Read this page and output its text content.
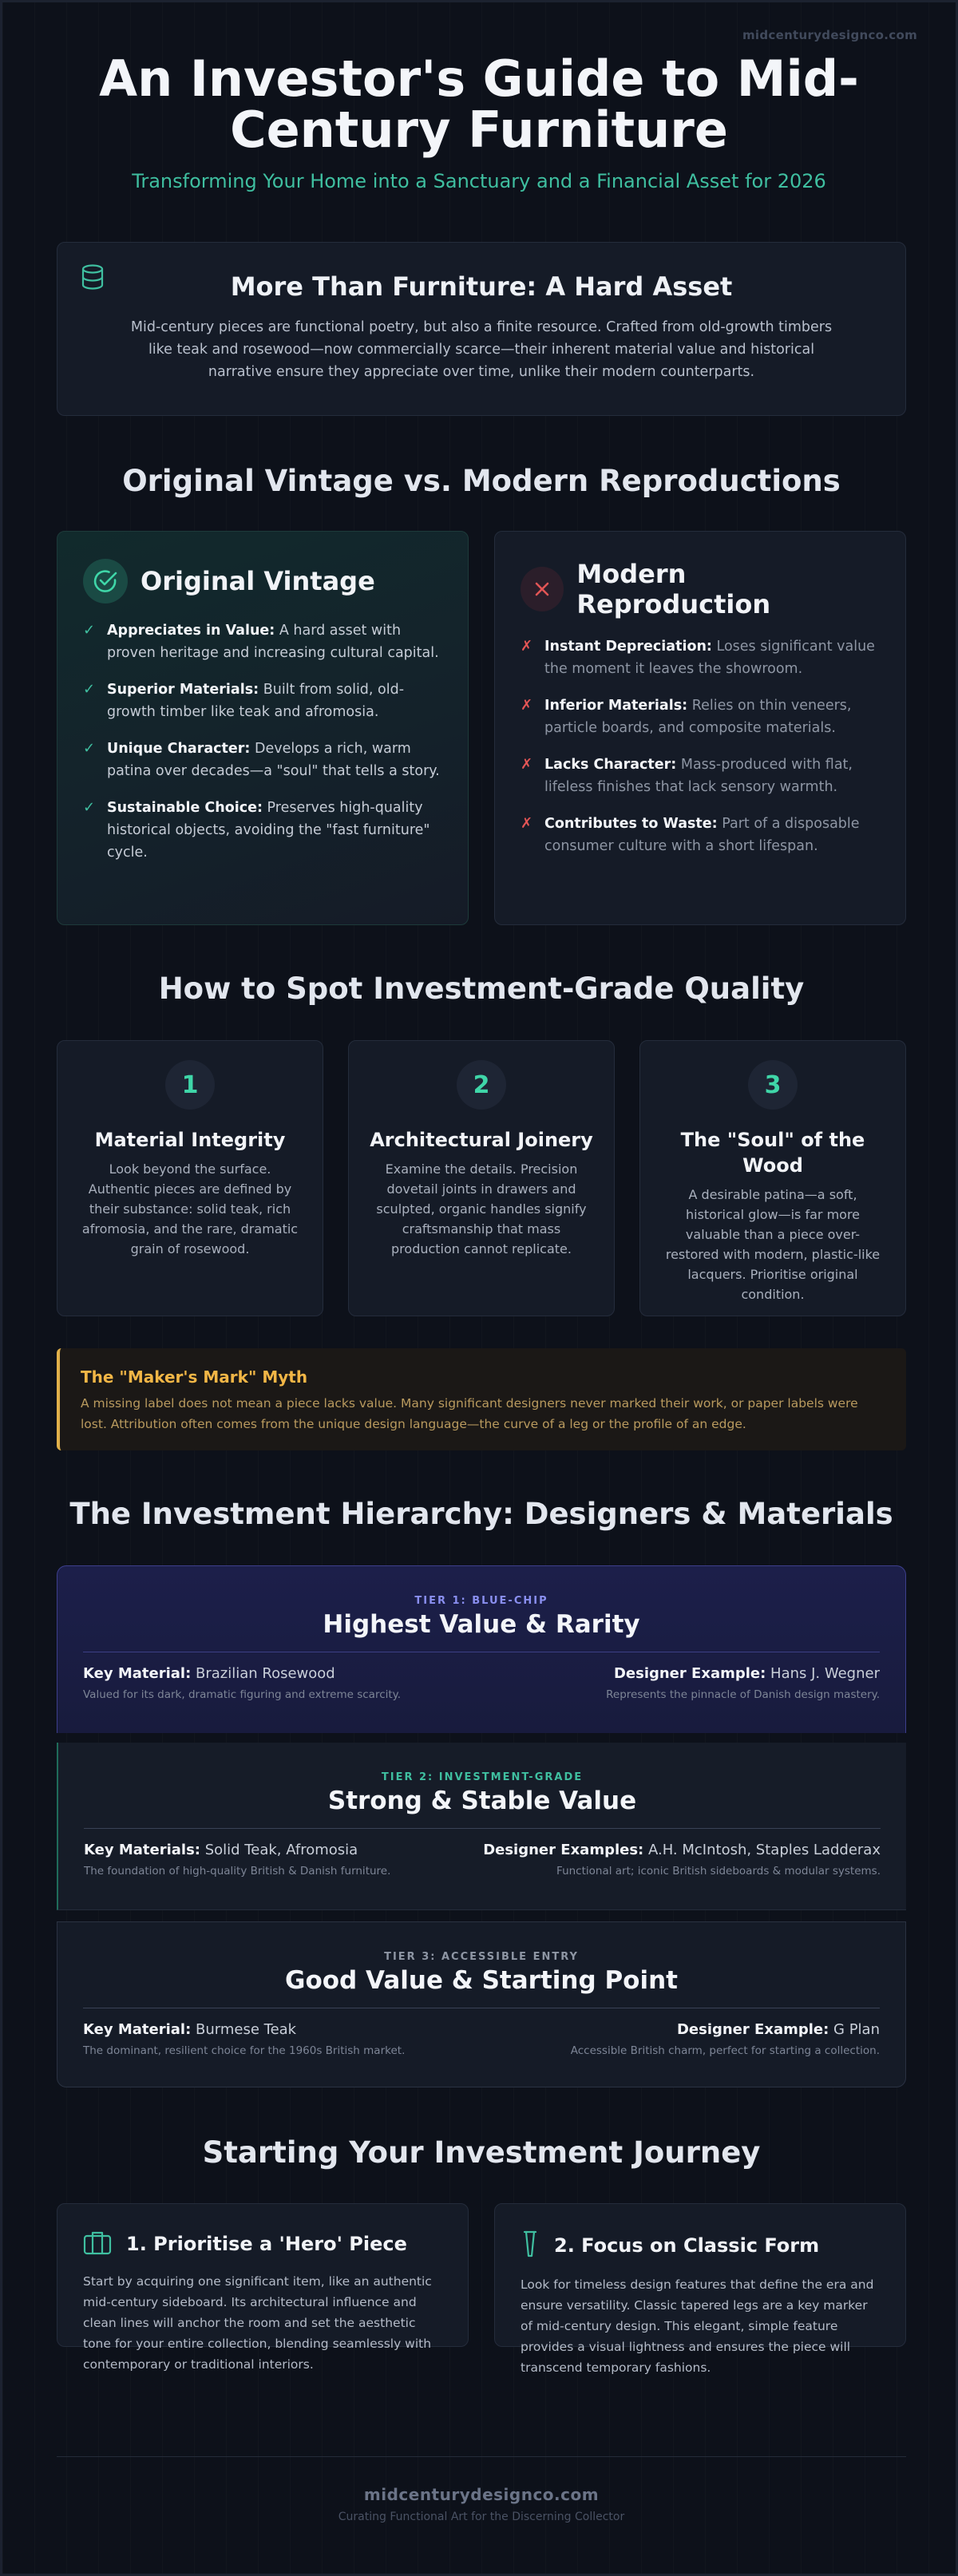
midcenturydesignco.com
An Investor's Guide to Mid-Century Furniture
Transforming Your Home into a Sanctuary and a Financial Asset for 2026
More Than Furniture: A Hard Asset

Mid-century pieces are functional poetry, but also a finite resource. Crafted from old-growth timbers like teak and rosewood—now commercially scarce—their inherent material value and historical narrative ensure they appreciate over time, unlike their modern counterparts.

Original Vintage vs. Modern Reproductions
Original Vintage
✓ Appreciates in Value: A hard asset with proven heritage and increasing cultural capital.
✓ Superior Materials: Built from solid, old-growth timber like teak and afromosia.
✓ Unique Character: Develops a rich, warm patina over decades—a "soul" that tells a story.
✓ Sustainable Choice: Preserves high-quality historical objects, avoiding the "fast furniture" cycle.
Modern Reproduction
✗ Instant Depreciation: Loses significant value the moment it leaves the showroom.
✗ Inferior Materials: Relies on thin veneers, particle boards, and composite materials.
✗ Lacks Character: Mass-produced with flat, lifeless finishes that lack sensory warmth.
✗ Contributes to Waste: Part of a disposable consumer culture with a short lifespan.
How to Spot Investment-Grade Quality
1
Material Integrity

Look beyond the surface. Authentic pieces are defined by their substance: solid teak, rich afromosia, and the rare, dramatic grain of rosewood.

2
Architectural Joinery

Examine the details. Precision dovetail joints in drawers and sculpted, organic handles signify craftsmanship that mass production cannot replicate.

3
The "Soul" of the Wood

A desirable patina—a soft, historical glow—is far more valuable than a piece over-restored with modern, plastic-like lacquers. Prioritise original condition.

The "Maker's Mark" Myth

A missing label does not mean a piece lacks value. Many significant designers never marked their work, or paper labels were lost. Attribution often comes from the unique design language—the curve of a leg or the profile of an edge.

The Investment Hierarchy: Designers & Materials
TIER 1: BLUE-CHIP
Highest Value & Rarity
Key Material: Brazilian Rosewood
Valued for its dark, dramatic figuring and extreme scarcity.
Designer Example: Hans J. Wegner
Represents the pinnacle of Danish design mastery.
TIER 2: INVESTMENT-GRADE
Strong & Stable Value
Key Materials: Solid Teak, Afromosia
The foundation of high-quality British & Danish furniture.
Designer Examples: A.H. McIntosh, Staples Ladderax
Functional art; iconic British sideboards & modular systems.
TIER 3: ACCESSIBLE ENTRY
Good Value & Starting Point
Key Material: Burmese Teak
The dominant, resilient choice for the 1960s British market.
Designer Example: G Plan
Accessible British charm, perfect for starting a collection.
Starting Your Investment Journey
1. Prioritise a 'Hero' Piece

Start by acquiring one significant item, like an authentic mid-century sideboard. Its architectural influence and clean lines will anchor the room and set the aesthetic tone for your entire collection, blending seamlessly with contemporary or traditional interiors.

2. Focus on Classic Form

Look for timeless design features that define the era and ensure versatility. Classic tapered legs are a key marker of mid-century design. This elegant, simple feature provides a visual lightness and ensures the piece will transcend temporary fashions.

midcenturydesignco.com
Curating Functional Art for the Discerning Collector
